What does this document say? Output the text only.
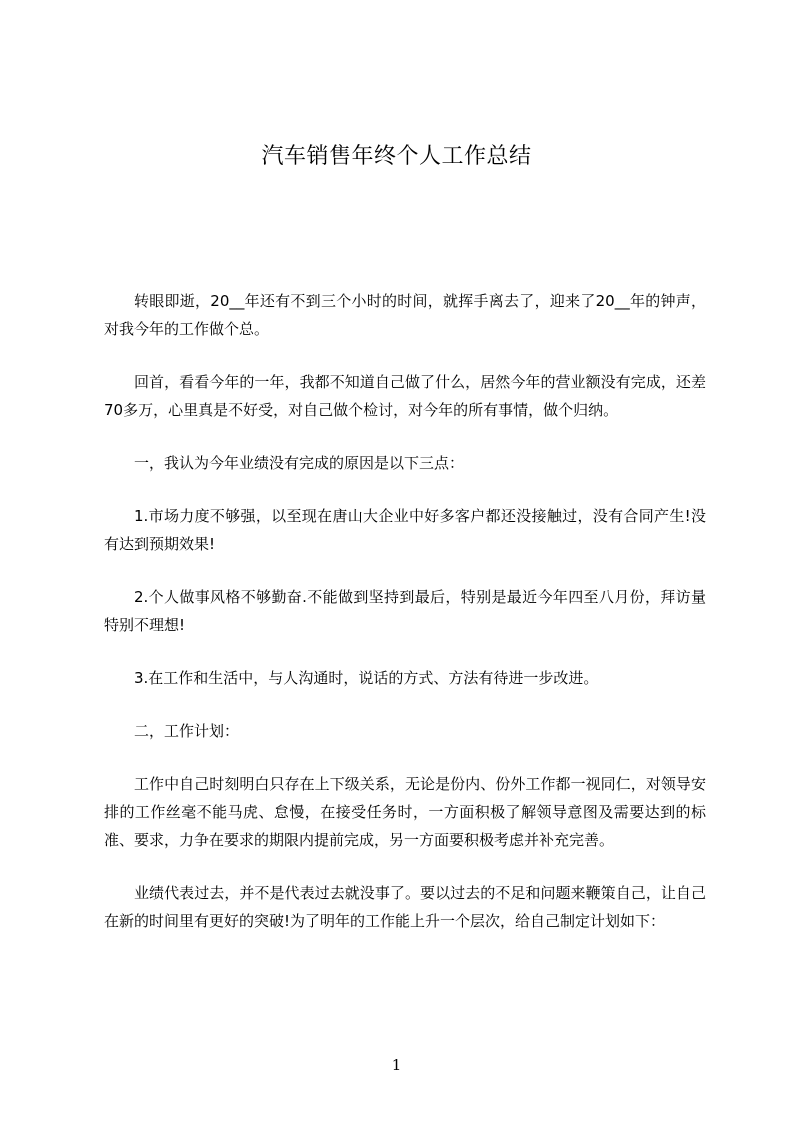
汽车销售年终个人工作总结

转眼即逝，20__年还有不到三个小时的时间，就挥手离去了，迎来了20__年的钟声，对我今年的工作做个总。

回首，看看今年的一年，我都不知道自己做了什么，居然今年的营业额没有完成，还差70多万，心里真是不好受，对自己做个检讨，对今年的所有事情，做个归纳。

一，我认为今年业绩没有完成的原因是以下三点：

1.市场力度不够强，以至现在唐山大企业中好多客户都还没接触过，没有合同产生!没有达到预期效果!

2.个人做事风格不够勤奋.不能做到坚持到最后，特别是最近今年四至八月份，拜访量特别不理想!

3.在工作和生活中，与人沟通时，说话的方式、方法有待进一步改进。

二，工作计划：

工作中自己时刻明白只存在上下级关系，无论是份内、份外工作都一视同仁，对领导安排的工作丝毫不能马虎、怠慢，在接受任务时，一方面积极了解领导意图及需要达到的标准、要求，力争在要求的期限内提前完成，另一方面要积极考虑并补充完善。

业绩代表过去，并不是代表过去就没事了。要以过去的不足和问题来鞭策自己，让自己在新的时间里有更好的突破!为了明年的工作能上升一个层次，给自己制定计划如下：

1
